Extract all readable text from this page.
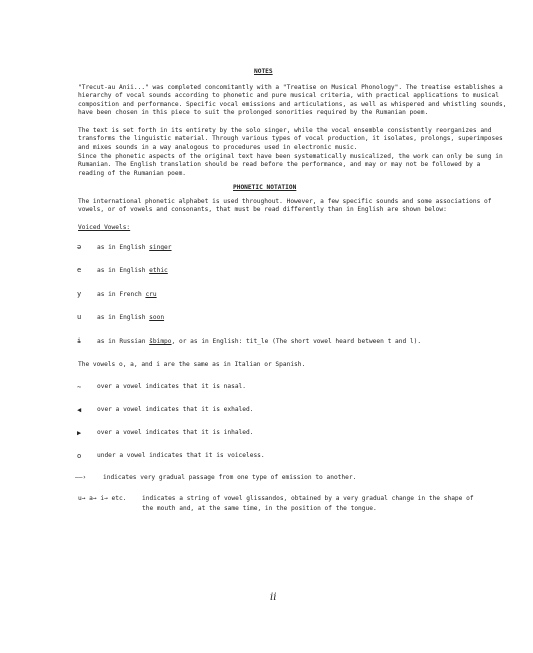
NOTES
"Trecut-au Anii..." was completed concomitantly with a "Treatise on Musical Phonology". The treatise establishes a hierarchy of vocal sounds according to phonetic and pure musical criteria, with practical applications to musical composition and performance. Specific vocal emissions and articulations, as well as whispered and whistling sounds, have been chosen in this piece to suit the prolonged sonorities required by the Rumanian poem.
The text is set forth in its entirety by the solo singer, while the vocal ensemble consistently reorganizes and transforms the linguistic material. Through various types of vocal production, it isolates, prolongs, superimposes and mixes sounds in a way analogous to procedures used in electronic music.
Since the phonetic aspects of the original text have been systematically musicalized, the work can only be sung in Rumanian. The English translation should be read before the performance, and may or may not be followed by a reading of the Rumanian poem.
PHONETIC NOTATION
The international phonetic alphabet is used throughout. However, a few specific sounds and some associations of vowels, or of vowels and consonants, that must be read differently than in English are shown below:
Voiced Vowels:
ə	as in English singer
e	as in English ethic
y	as in French cru
u	as in English soon
ɨ	as in Russian šbimpo, or as in English: tit_le (The short vowel heard between t and l).
The vowels o, a, and i are the same as in Italian or Spanish.
∼	over a vowel indicates that it is nasal.
◀	over a vowel indicates that it is exhaled.
▶	over a vowel indicates that it is inhaled.
o	under a vowel indicates that it is voiceless.
——›	indicates very gradual passage from one type of emission to another.
u→ a→ i→ etc.	indicates a string of vowel glissandos, obtained by a very gradual change in the shape of
the mouth and, at the same time, in the position of the tongue.
ii
